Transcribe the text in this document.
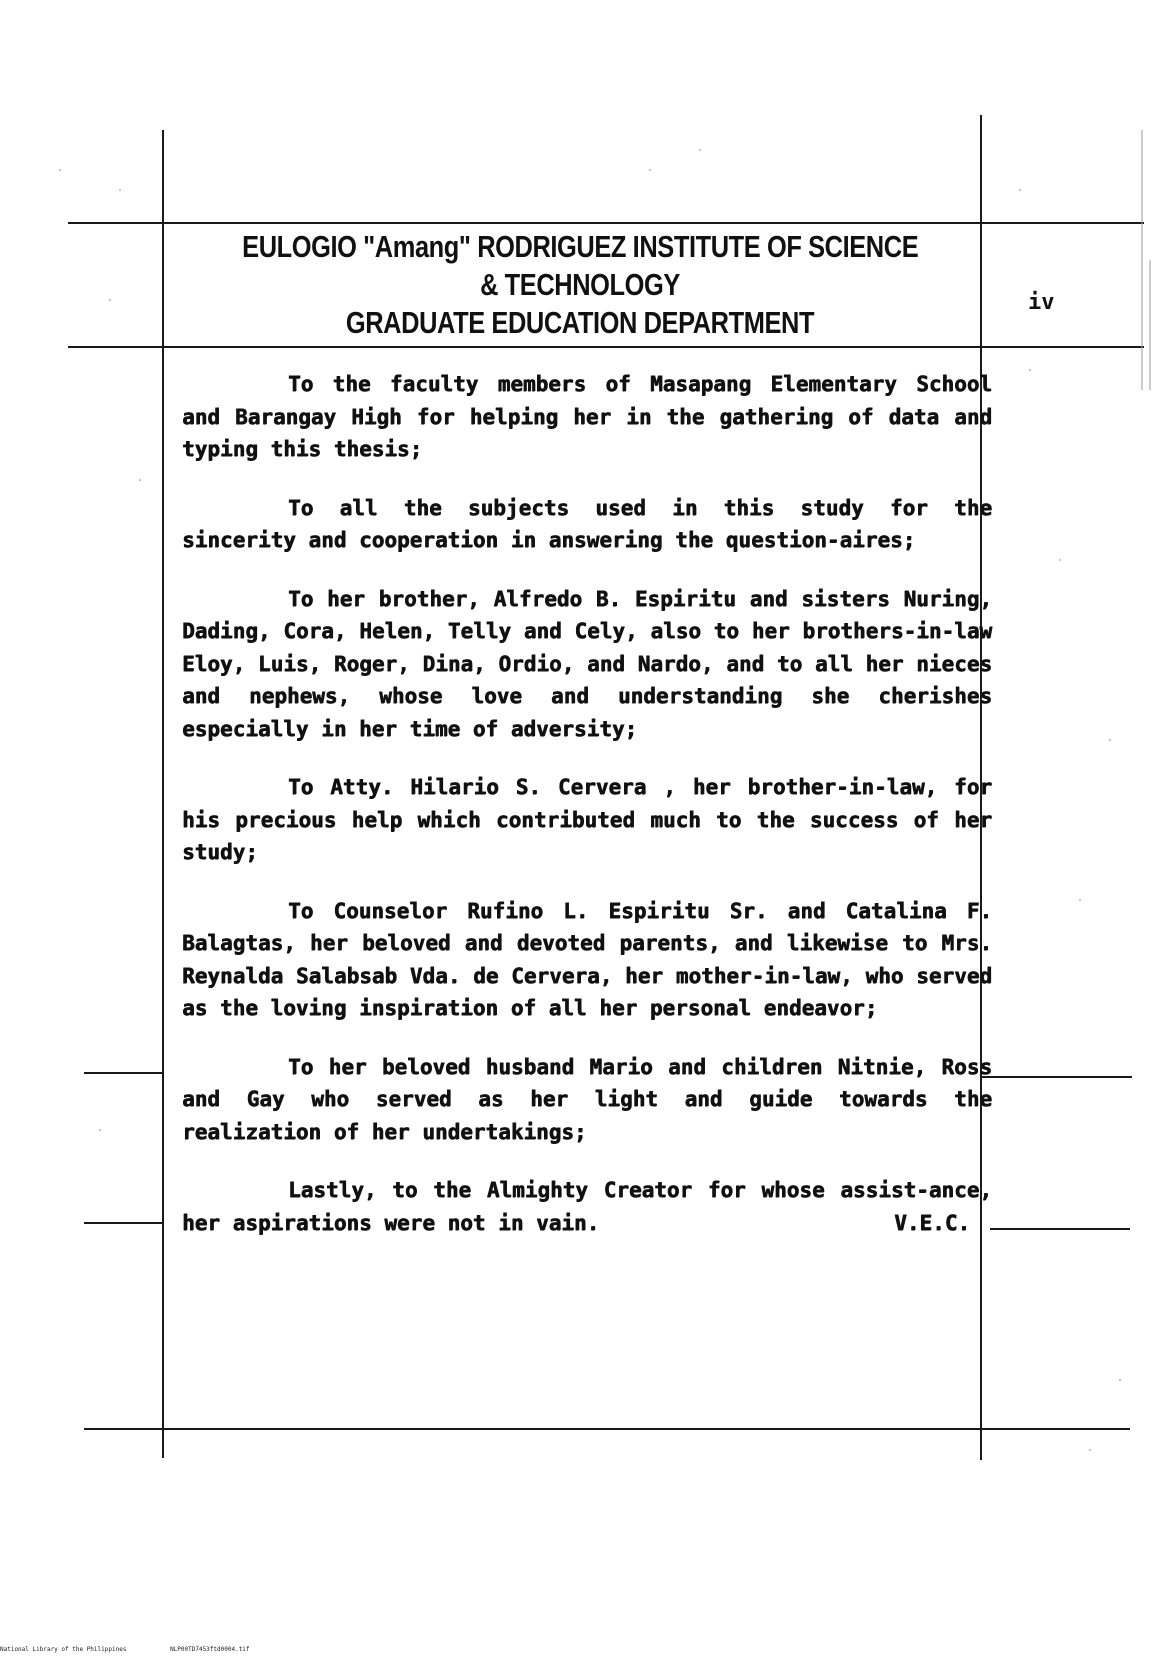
EULOGIO "Amang" RODRIGUEZ INSTITUTE OF SCIENCE
& TECHNOLOGY
GRADUATE EDUCATION DEPARTMENT
iv

To the faculty members of Masapang Elementary School and Barangay High for helping her in the gathering of data and typing this thesis;

To all the subjects used in this study for the sincerity and cooperation in answering the question-aires;

To her brother, Alfredo B. Espiritu and sisters Nuring, Dading, Cora, Helen, Telly and Cely, also to her brothers-in-law Eloy, Luis, Roger, Dina, Ordio, and Nardo, and to all her nieces and nephews, whose love and understanding she cherishes especially in her time of adversity;

To Atty. Hilario S. Cervera , her brother-in-law, for his precious help which contributed much to the success of her study;

To Counselor Rufino L. Espiritu Sr. and Catalina F. Balagtas, her beloved and devoted parents, and likewise to Mrs. Reynalda Salabsab Vda. de Cervera, her mother-in-law, who served as the loving inspiration of all her personal endeavor;

To her beloved husband Mario and children Nitnie, Ross and Gay who served as her light and guide towards the realization of her undertakings;

Lastly, to the Almighty Creator for whose assist-ance, her aspirations were not in vain.	V.E.C.
National Library of the Philippines	NLP00TD7453ftd0004.tif
